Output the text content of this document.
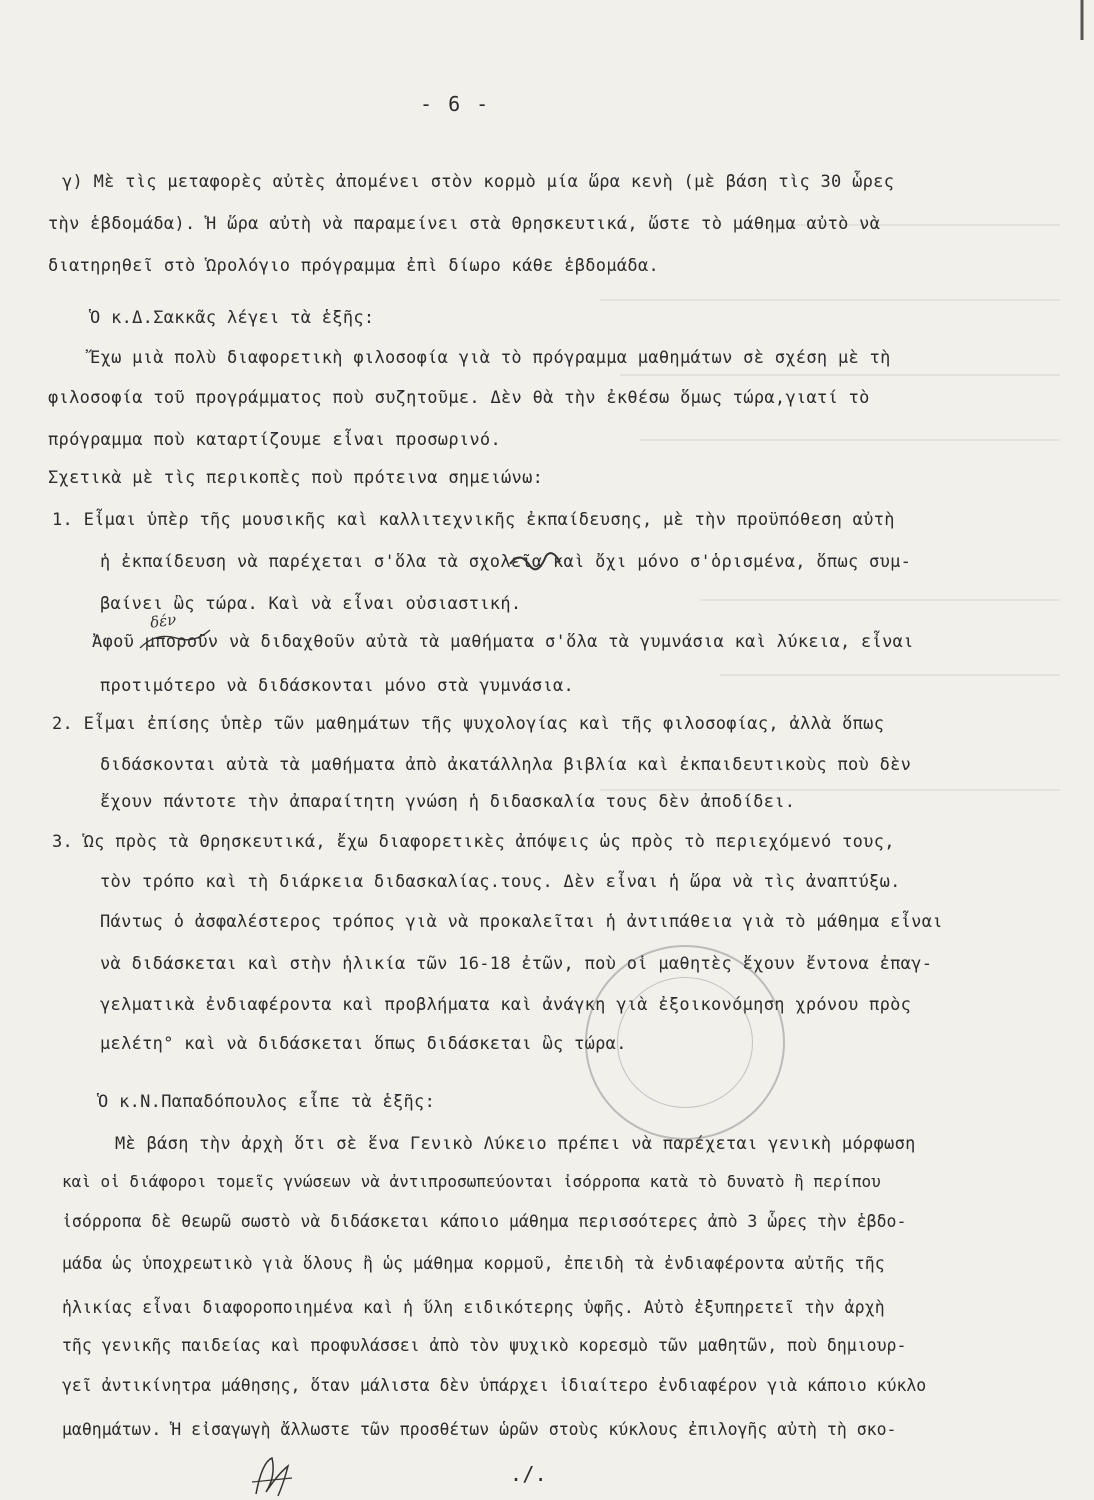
- 6 -
γ) Μὲ τὶς μεταφορὲς αὐτὲς ἀπομένει στὸν κορμὸ μία ὥρα κενὴ (μὲ βάση τὶς 30 ὧρες
τὴν ἑβδομάδα). Ἡ ὥρα αὐτὴ νὰ παραμείνει στὰ Θρησκευτικά, ὥστε τὸ μάθημα αὐτὸ νὰ
διατηρηθεῖ στὸ Ὡρολόγιο πρόγραμμα ἐπὶ δίωρο κάθε ἑβδομάδα.
Ὁ κ.Δ.Σακκᾶς λέγει τὰ ἑξῆς:
Ἔχω μιὰ πολὺ διαφορετικὴ φιλοσοφία γιὰ τὸ πρόγραμμα μαθημάτων σὲ σχέση μὲ τὴ
φιλοσοφία τοῦ προγράμματος ποὺ συζητοῦμε. Δὲν θὰ τὴν ἐκθέσω ὅμως τώρα,γιατί τὸ
πρόγραμμα ποὺ καταρτίζουμε εἶναι προσωρινό.
Σχετικὰ μὲ τὶς περικοπὲς ποὺ πρότεινα σημειώνω:
1. Εἶμαι ὑπὲρ τῆς μουσικῆς καὶ καλλιτεχνικῆς ἐκπαίδευσης, μὲ τὴν προϋπόθεση αὐτὴ
ἡ ἐκπαίδευση νὰ παρέχεται σ'ὅλα τὰ σχολεῖα καὶ ὄχι μόνο σ'ὁρισμένα, ὅπως συμ-
βαίνει ὣς τώρα. Καὶ νὰ εἶναι οὐσιαστική.
Ἀφοῦ μποροῦν νὰ διδαχθοῦν αὐτὰ τὰ μαθήματα σ'ὅλα τὰ γυμνάσια καὶ λύκεια, εἶναι
προτιμότερο νὰ διδάσκονται μόνο στὰ γυμνάσια.
2. Εἶμαι ἐπίσης ὑπὲρ τῶν μαθημάτων τῆς ψυχολογίας καὶ τῆς φιλοσοφίας, ἀλλὰ ὅπως
διδάσκονται αὐτὰ τὰ μαθήματα ἀπὸ ἀκατάλληλα βιβλία καὶ ἐκπαιδευτικοὺς ποὺ δὲν
ἔχουν πάντοτε τὴν ἀπαραίτητη γνώση ἡ διδασκαλία τους δὲν ἀποδίδει.
3. Ὡς πρὸς τὰ Θρησκευτικά, ἔχω διαφορετικὲς ἀπόψεις ὡς πρὸς τὸ περιεχόμενό τους,
τὸν τρόπο καὶ τὴ διάρκεια διδασκαλίας.τους. Δὲν εἶναι ἡ ὥρα νὰ τὶς ἀναπτύξω.
Πάντως ὁ ἀσφαλέστερος τρόπος γιὰ νὰ προκαλεῖται ἡ ἀντιπάθεια γιὰ τὸ μάθημα εἶναι
νὰ διδάσκεται καὶ στὴν ἡλικία τῶν 16-18 ἐτῶν, ποὺ οἱ μαθητὲς ἔχουν ἔντονα ἐπαγ-
γελματικὰ ἐνδιαφέροντα καὶ προβλήματα καὶ ἀνάγκη γιὰ ἐξοικονόμηση χρόνου πρὸς
μελέτη° καὶ νὰ διδάσκεται ὅπως διδάσκεται ὣς τώρα.
Ὁ κ.Ν.Παπαδόπουλος εἶπε τὰ ἑξῆς:
Μὲ βάση τὴν ἀρχὴ ὅτι σὲ ἕνα Γενικὸ Λύκειο πρέπει νὰ παρέχεται γενικὴ μόρφωση
καὶ οἱ διάφοροι τομεῖς γνώσεων νὰ ἀντιπροσωπεύονται ἰσόρροπα κατὰ τὸ δυνατὸ ἢ περίπου
ἰσόρροπα δὲ θεωρῶ σωστὸ νὰ διδάσκεται κάποιο μάθημα περισσότερες ἀπὸ 3 ὧρες τὴν ἑβδο-
μάδα ὡς ὑποχρεωτικὸ γιὰ ὅλους ἢ ὡς μάθημα κορμοῦ, ἐπειδὴ τὰ ἐνδιαφέροντα αὐτῆς τῆς
ἡλικίας εἶναι διαφοροποιημένα καὶ ἡ ὕλη ειδικότερης ὑφῆς. Αὐτὸ ἐξυπηρετεῖ τὴν ἀρχὴ
τῆς γενικῆς παιδείας καὶ προφυλάσσει ἀπὸ τὸν ψυχικὸ κορεσμὸ τῶν μαθητῶν, ποὺ δημιουρ-
γεῖ ἀντικίνητρα μάθησης, ὅταν μάλιστα δὲν ὑπάρχει ἰδιαίτερο ἐνδιαφέρον γιὰ κάποιο κύκλο
μαθημάτων. Ἡ εἰσαγωγὴ ἄλλωστε τῶν προσθέτων ὡρῶν στοὺς κύκλους ἐπιλογῆς αὐτὴ τὴ σκο-
δέν
./.
